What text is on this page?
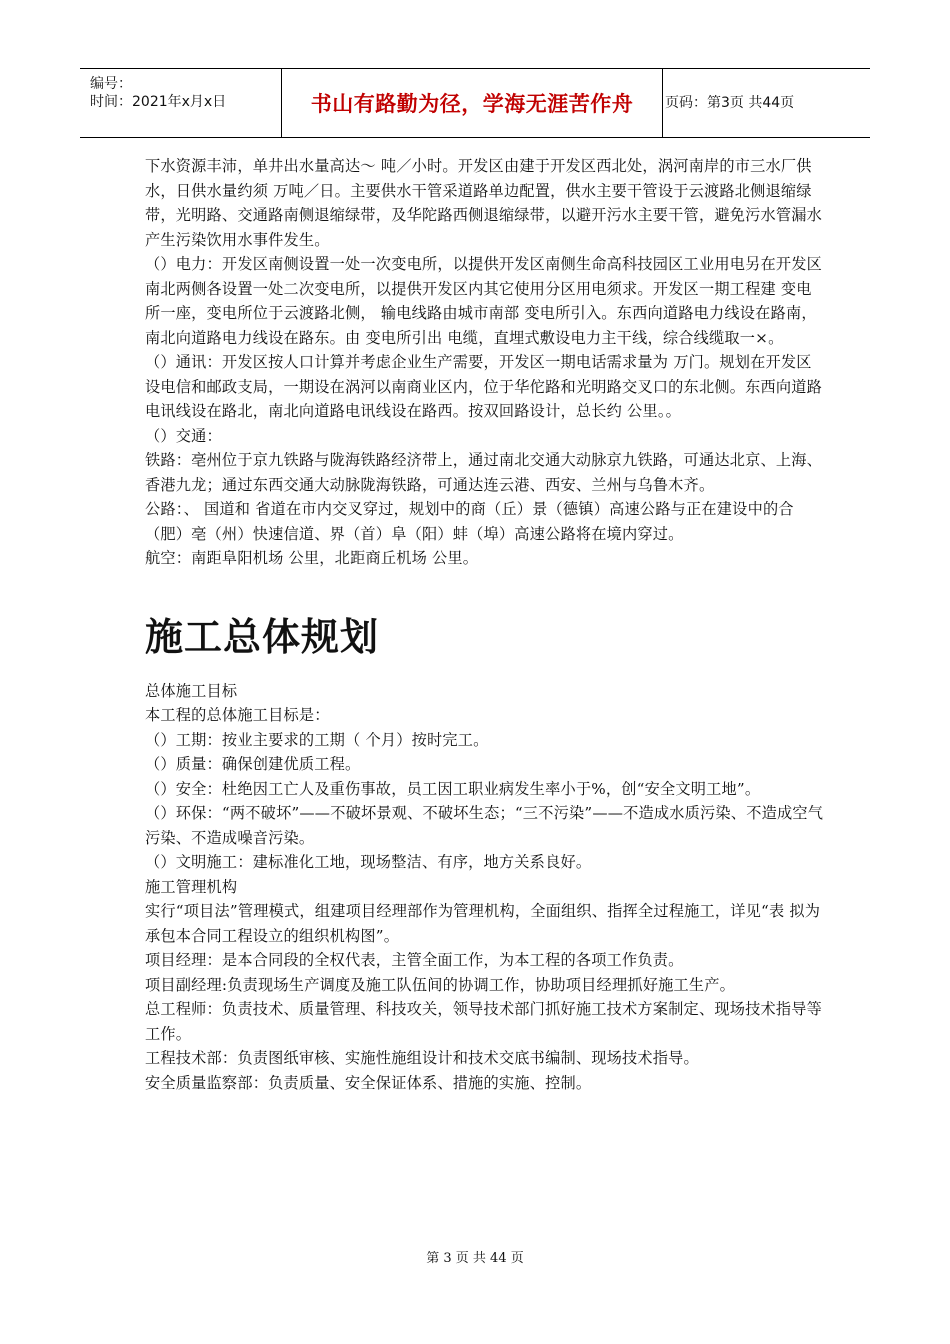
编号：
时间：2021年x月x日	书山有路勤为径，学海无涯苦作舟 页码：第3页 共44页

下水资源丰沛，单井出水量高达～ 吨／小时。开发区由建于开发区西北处，涡河南岸的市三水厂供水，日供水量约须 万吨／日。主要供水干管采道路单边配置，供水主要干管设于云渡路北侧退缩绿带，光明路、交通路南侧退缩绿带，及华陀路西侧退缩绿带，以避开污水主要干管，避免污水管漏水产生污染饮用水事件发生。

（）电力：开发区南侧设置一处一次变电所，以提供开发区南侧生命高科技园区工业用电另在开发区南北两侧各设置一处二次变电所，以提供开发区内其它使用分区用电须求。开发区一期工程建 变电所一座，变电所位于云渡路北侧， 输电线路由城市南部 变电所引入。东西向道路电力线设在路南，南北向道路电力线设在路东。由 变电所引出 电缆，直埋式敷设电力主干线，综合线缆取一×。

（）通讯：开发区按人口计算并考虑企业生产需要，开发区一期电话需求量为 万门。规划在开发区设电信和邮政支局，一期设在涡河以南商业区内，位于华佗路和光明路交叉口的东北侧。东西向道路电讯线设在路北，南北向道路电讯线设在路西。按双回路设计，总长约 公里。。

（）交通：

铁路：亳州位于京九铁路与陇海铁路经济带上，通过南北交通大动脉京九铁路，可通达北京、上海、香港九龙；通过东西交通大动脉陇海铁路，可通达连云港、西安、兰州与乌鲁木齐。

公路：、 国道和 省道在市内交叉穿过，规划中的商（丘）景（德镇）高速公路与正在建设中的合（肥）亳（州）快速信道、界（首）阜（阳）蚌（埠）高速公路将在境内穿过。

航空：南距阜阳机场 公里，北距商丘机场 公里。

施工总体规划

总体施工目标

本工程的总体施工目标是：

（）工期：按业主要求的工期（ 个月）按时完工。

（）质量：确保创建优质工程。

（）安全：杜绝因工亡人及重伤事故，员工因工职业病发生率小于%，创“安全文明工地”。

（）环保：“两不破坏”——不破坏景观、不破坏生态；“三不污染”——不造成水质污染、不造成空气污染、不造成噪音污染。

（）文明施工：建标准化工地，现场整洁、有序，地方关系良好。

施工管理机构

实行“项目法”管理模式，组建项目经理部作为管理机构，全面组织、指挥全过程施工，详见“表 拟为承包本合同工程设立的组织机构图”。

项目经理：是本合同段的全权代表，主管全面工作，为本工程的各项工作负责。

项目副经理:负责现场生产调度及施工队伍间的协调工作，协助项目经理抓好施工生产。

总工程师：负责技术、质量管理、科技攻关，领导技术部门抓好施工技术方案制定、现场技术指导等工作。

工程技术部：负责图纸审核、实施性施组设计和技术交底书编制、现场技术指导。

安全质量监察部：负责质量、安全保证体系、措施的实施、控制。

第 3 页 共 44 页
